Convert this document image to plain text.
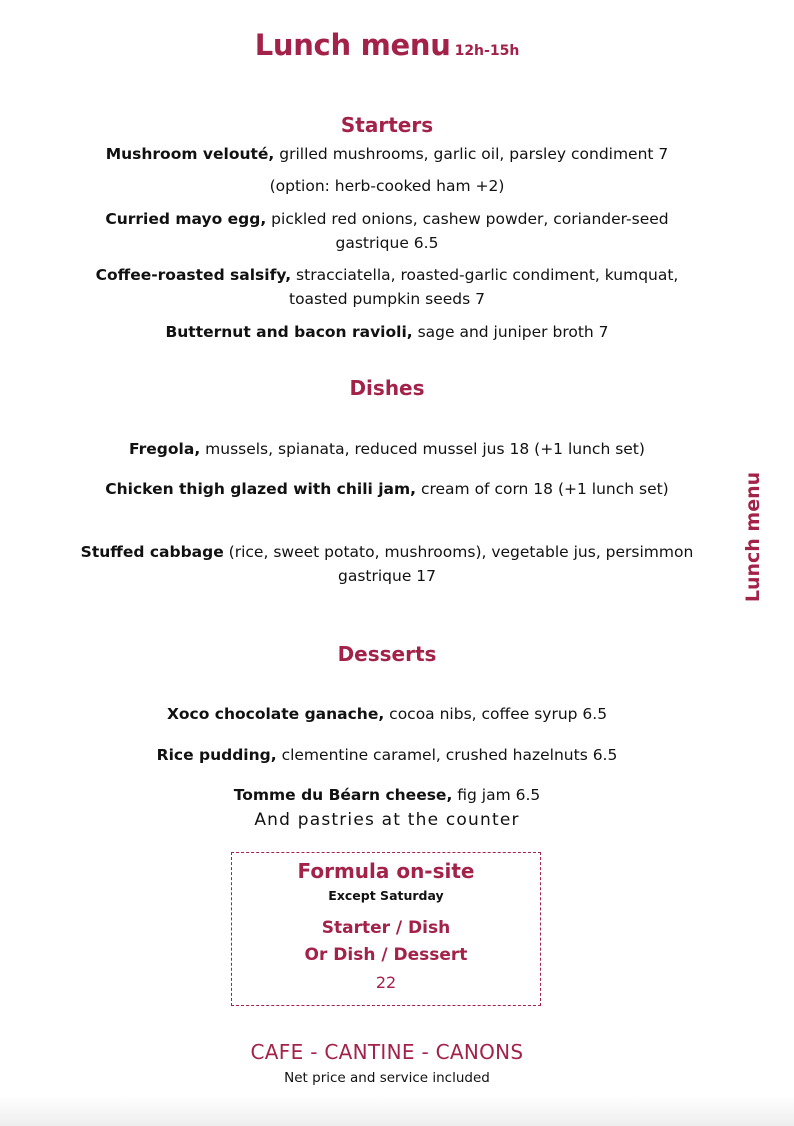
Lunch menu 12h-15h
Starters
Mushroom velouté, grilled mushrooms, garlic oil, parsley condiment 7
(option: herb-cooked ham +2)
Curried mayo egg, pickled red onions, cashew powder, coriander-seed gastrique 6.5
Coffee-roasted salsify, stracciatella, roasted-garlic condiment, kumquat, toasted pumpkin seeds 7
Butternut and bacon ravioli, sage and juniper broth 7
Dishes
Fregola, mussels, spianata, reduced mussel jus 18 (+1 lunch set)
Chicken thigh glazed with chili jam, cream of corn 18 (+1 lunch set)
Stuffed cabbage (rice, sweet potato, mushrooms), vegetable jus, persimmon gastrique 17
Desserts
Xoco chocolate ganache, cocoa nibs, coffee syrup 6.5
Rice pudding, clementine caramel, crushed hazelnuts 6.5
Tomme du Béarn cheese, fig jam 6.5
And pastries at the counter
Formula on-site
Except Saturday
Starter / Dish
Or Dish / Dessert
22
CAFE - CANTINE - CANONS
Net price and service included
Lunch menu
